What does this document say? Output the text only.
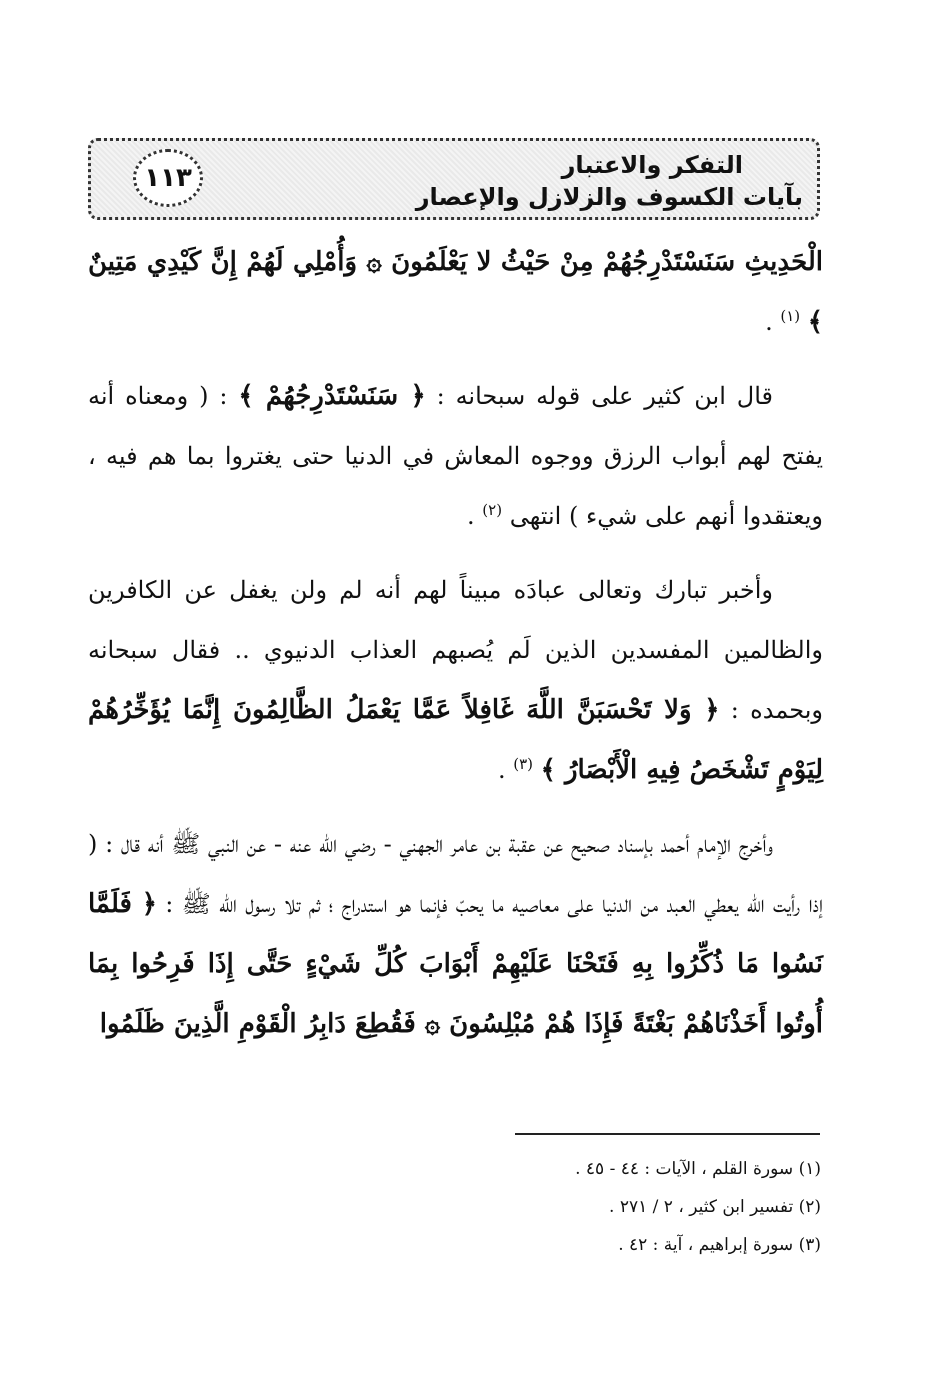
التفكر والاعتبار
بآيات الكسوف والزلازل والإعصار
١١٣

الْحَدِيثِ سَنَسْتَدْرِجُهُمْ مِنْ حَيْثُ لا يَعْلَمُونَ ۞ وَأُمْلِي لَهُمْ إِنَّ كَيْدِي مَتِينٌ ﴾ $^{(١)}$ .

قال ابن كثير على قوله سبحانه : ﴿ سَنَسْتَدْرِجُهُمْ ﴾ : ( ومعناه أنه يفتح لهم أبواب الرزق ووجوه المعاش في الدنيا حتى يغتروا بما هم فيه ، ويعتقدوا أنهم على شيء ) انتهى $^{(٢)}$ .

وأخبر تبارك وتعالى عبادَه مبيناً لهم أنه لم ولن يغفل عن الكافرين والظالمين المفسدين الذين لَم يُصبهم العذاب الدنيوي .. فقال سبحانه وبحمده : ﴿ وَلا تَحْسَبَنَّ اللَّهَ غَافِلاً عَمَّا يَعْمَلُ الظَّالِمُونَ إِنَّمَا يُؤَخِّرُهُمْ لِيَوْمٍ تَشْخَصُ فِيهِ الْأَبْصَارُ ﴾ $^{(٣)}$ .

وأخرج الإمام أحمد بإسناد صحيح عن عقبة بن عامر الجهني - رضي الله عنه - عن النبي ﷺ أنه قال : ( إذا رأيت الله يعطي العبد من الدنيا على معاصيه ما يحبّ فإنما هو استدراج ؛ ثم تلا رسول الله ﷺ : ﴿ فَلَمَّا نَسُوا مَا ذُكِّرُوا بِهِ فَتَحْنَا عَلَيْهِمْ أَبْوَابَ كُلِّ شَيْءٍ حَتَّى إِذَا فَرِحُوا بِمَا أُوتُوا أَخَذْنَاهُمْ بَغْتَةً فَإِذَا هُمْ مُبْلِسُونَ ۞ فَقُطِعَ دَابِرُ الْقَوْمِ الَّذِينَ ظَلَمُوا

(١) سورة القلم ، الآيات : ٤٤ - ٤٥ .
(٢) تفسير ابن كثير ، ٢ / ٢٧١ .
(٣) سورة إبراهيم ، آية : ٤٢ .
